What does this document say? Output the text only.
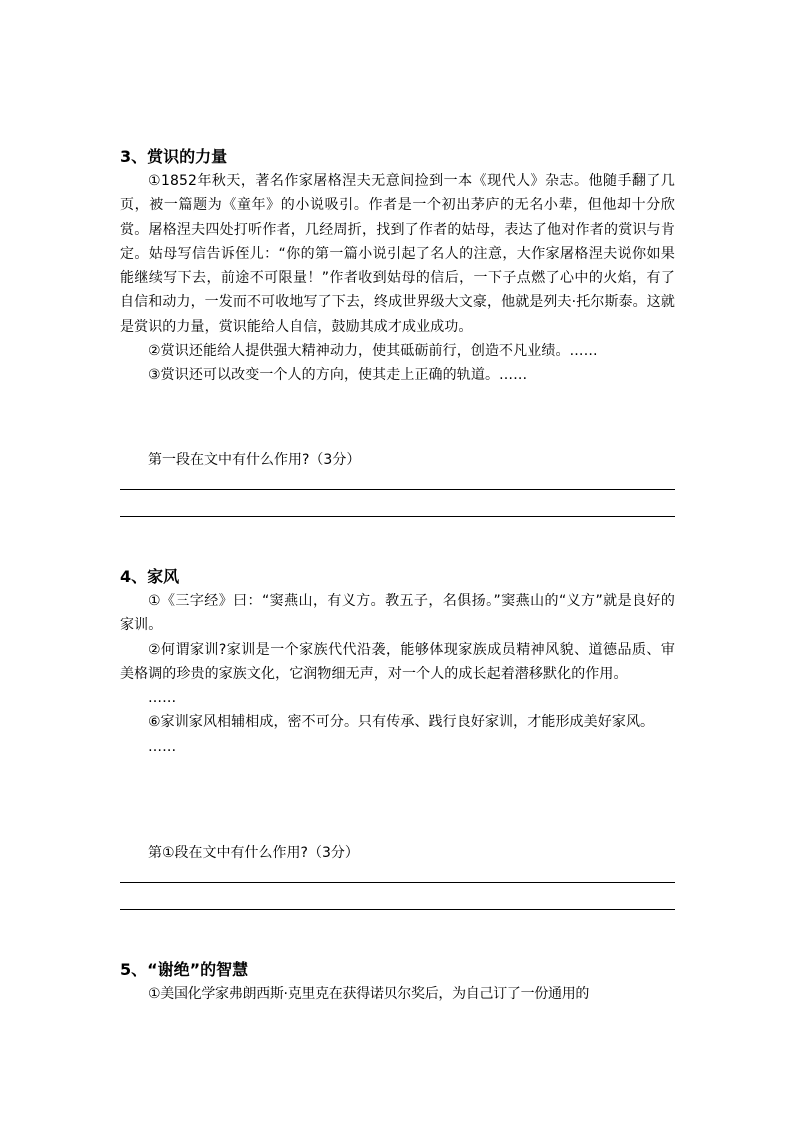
3、赏识的力量

①1852年秋天，著名作家屠格涅夫无意间捡到一本《现代人》杂志。他随手翻了几页，被一篇题为《童年》的小说吸引。作者是一个初出茅庐的无名小辈，但他却十分欣赏。屠格涅夫四处打听作者，几经周折，找到了作者的姑母，表达了他对作者的赏识与肯定。姑母写信告诉侄儿：“你的第一篇小说引起了名人的注意，大作家屠格涅夫说你如果能继续写下去，前途不可限量！”作者收到姑母的信后，一下子点燃了心中的火焰，有了自信和动力，一发而不可收地写了下去，终成世界级大文豪，他就是列夫·托尔斯泰。这就是赏识的力量，赏识能给人自信，鼓励其成才成业成功。

②赏识还能给人提供强大精神动力，使其砥砺前行，创造不凡业绩。……

③赏识还可以改变一个人的方向，使其走上正确的轨道。……

第一段在文中有什么作用?（3分）

4、家风

①《三字经》曰：“窦燕山，有义方。教五子，名俱扬。”窦燕山的“义方”就是良好的家训。

②何谓家训?家训是一个家族代代沿袭，能够体现家族成员精神风貌、道德品质、审美格调的珍贵的家族文化，它润物细无声，对一个人的成长起着潜移默化的作用。

……

⑥家训家风相辅相成，密不可分。只有传承、践行良好家训，才能形成美好家风。

……

第①段在文中有什么作用?（3分）

5、“谢绝”的智慧

①美国化学家弗朗西斯·克里克在获得诺贝尔奖后，为自己订了一份通用的
